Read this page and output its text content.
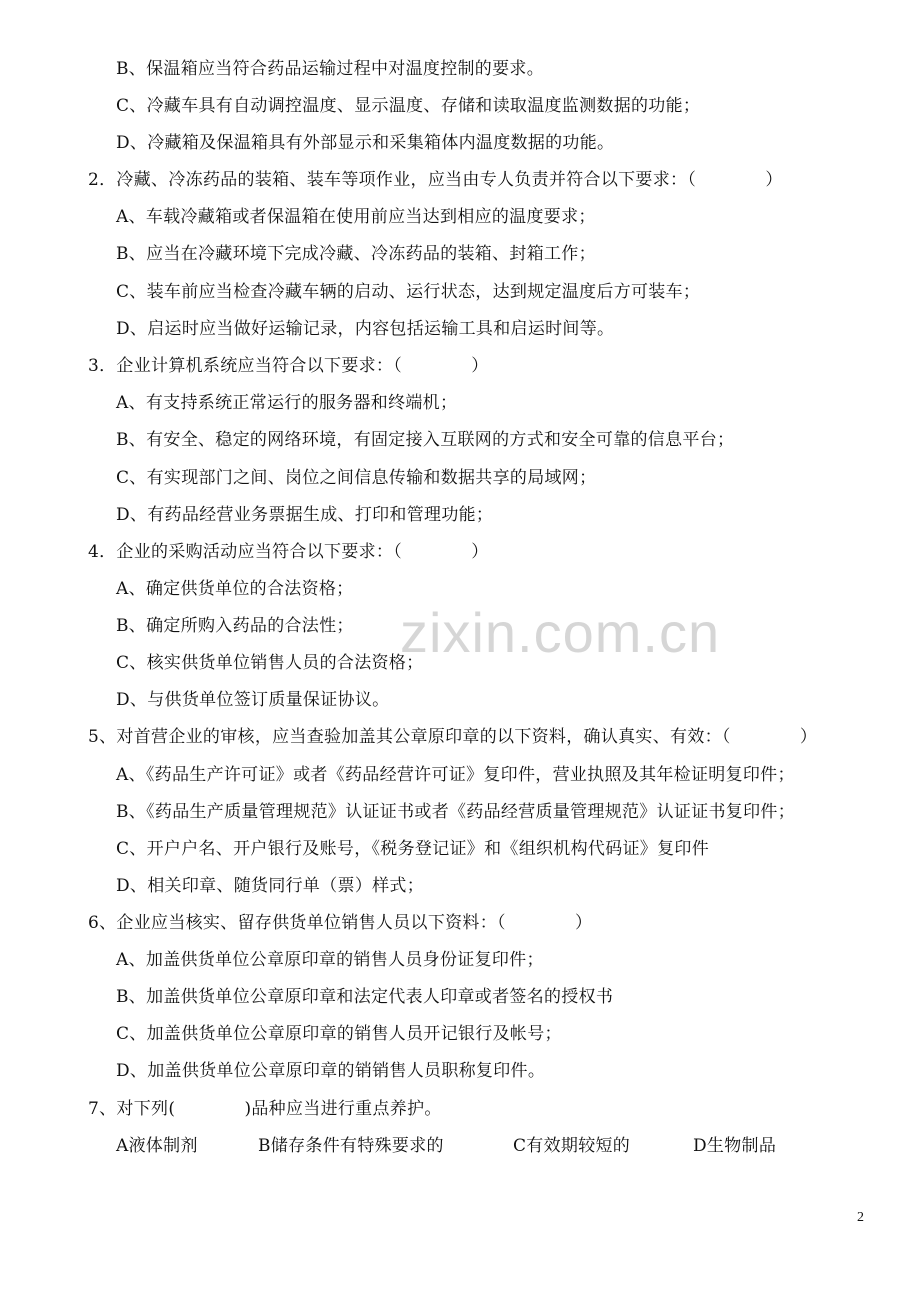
zixin.com.cn
B、保温箱应当符合药品运输过程中对温度控制的要求。
C、冷藏车具有自动调控温度、显示温度、存储和读取温度监测数据的功能；
D、冷藏箱及保温箱具有外部显示和采集箱体内温度数据的功能。
2．冷藏、冷冻药品的装箱、装车等项作业，应当由专人负责并符合以下要求：（　　　　）
A、车载冷藏箱或者保温箱在使用前应当达到相应的温度要求；
B、应当在冷藏环境下完成冷藏、冷冻药品的装箱、封箱工作；
C、装车前应当检查冷藏车辆的启动、运行状态，达到规定温度后方可装车；
D、启运时应当做好运输记录，内容包括运输工具和启运时间等。
3．企业计算机系统应当符合以下要求：（　　　　）
A、有支持系统正常运行的服务器和终端机；
B、有安全、稳定的网络环境，有固定接入互联网的方式和安全可靠的信息平台；
C、有实现部门之间、岗位之间信息传输和数据共享的局域网；
D、有药品经营业务票据生成、打印和管理功能；
4．企业的采购活动应当符合以下要求：（　　　　）
A、确定供货单位的合法资格；
B、确定所购入药品的合法性；
C、核实供货单位销售人员的合法资格；
D、与供货单位签订质量保证协议。
5、对首营企业的审核，应当查验加盖其公章原印章的以下资料，确认真实、有效：（　　　　）
A、《药品生产许可证》或者《药品经营许可证》复印件，营业执照及其年检证明复印件；
B、《药品生产质量管理规范》认证证书或者《药品经营质量管理规范》认证证书复印件；
C、开户户名、开户银行及账号，《税务登记证》和《组织机构代码证》复印件
D、相关印章、随货同行单（票）样式；
6、企业应当核实、留存供货单位销售人员以下资料：（　　　　）
A、加盖供货单位公章原印章的销售人员身份证复印件；
B、加盖供货单位公章原印章和法定代表人印章或者签名的授权书
C、加盖供货单位公章原印章的销售人员开记银行及帐号；
D、加盖供货单位公章原印章的销销售人员职称复印件。
7、对下列(　　　　)品种应当进行重点养护。
A液体制剂	B储存条件有特殊要求的	C有效期较短的	D生物制品
2
